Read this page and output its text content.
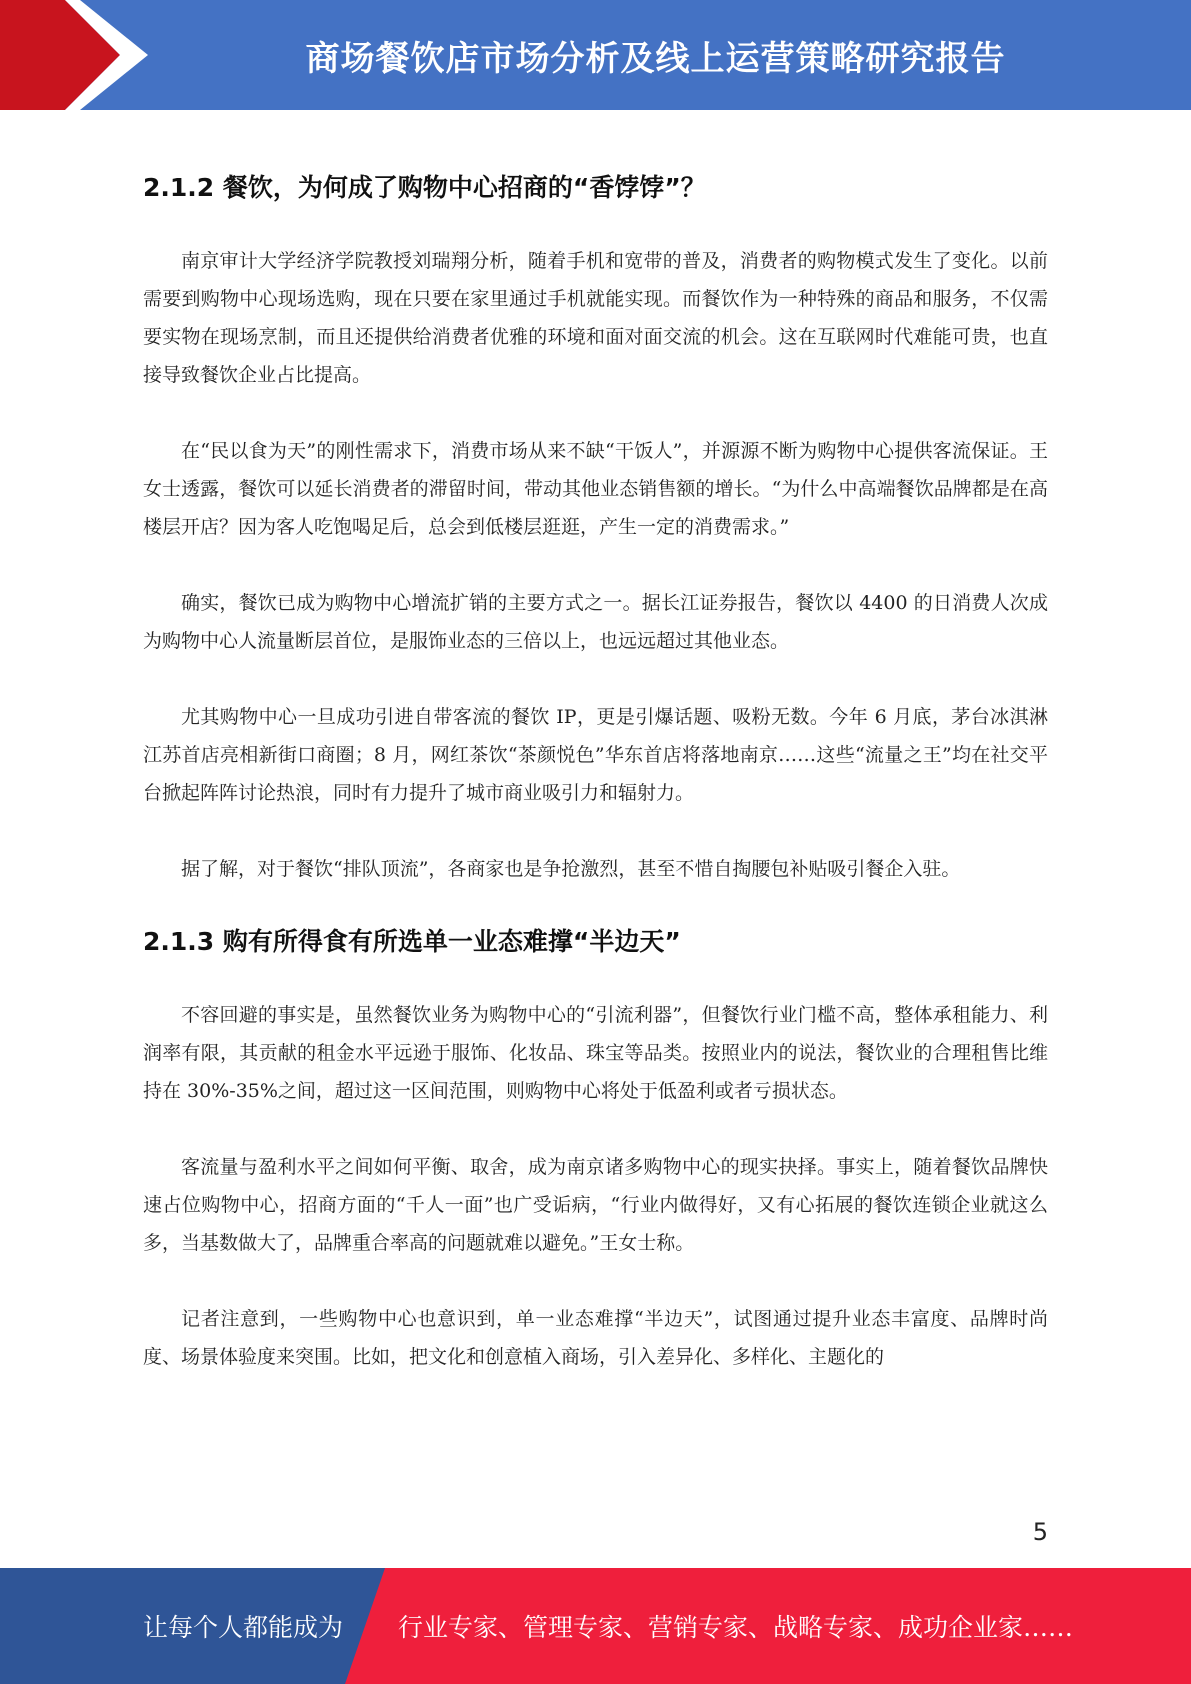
商场餐饮店市场分析及线上运营策略研究报告
2.1.2 餐饮，为何成了购物中心招商的“香饽饽”？

南京审计大学经济学院教授刘瑞翔分析，随着手机和宽带的普及，消费者的购物模式发生了变化。以前需要到购物中心现场选购，现在只要在家里通过手机就能实现。而餐饮作为一种特殊的商品和服务，不仅需要实物在现场烹制，而且还提供给消费者优雅的环境和面对面交流的机会。这在互联网时代难能可贵，也直接导致餐饮企业占比提高。

在“民以食为天”的刚性需求下，消费市场从来不缺“干饭人”，并源源不断为购物中心提供客流保证。王女士透露，餐饮可以延长消费者的滞留时间，带动其他业态销售额的增长。“为什么中高端餐饮品牌都是在高楼层开店？因为客人吃饱喝足后，总会到低楼层逛逛，产生一定的消费需求。”

确实，餐饮已成为购物中心增流扩销的主要方式之一。据长江证券报告，餐饮以 4400 的日消费人次成为购物中心人流量断层首位，是服饰业态的三倍以上，也远远超过其他业态。

尤其购物中心一旦成功引进自带客流的餐饮 IP，更是引爆话题、吸粉无数。今年 6 月底，茅台冰淇淋江苏首店亮相新街口商圈；8 月，网红茶饮“茶颜悦色”华东首店将落地南京……这些“流量之王”均在社交平台掀起阵阵讨论热浪，同时有力提升了城市商业吸引力和辐射力。

据了解，对于餐饮“排队顶流”，各商家也是争抢激烈，甚至不惜自掏腰包补贴吸引餐企入驻。

2.1.3 购有所得食有所选单一业态难撑“半边天”

不容回避的事实是，虽然餐饮业务为购物中心的“引流利器”，但餐饮行业门槛不高，整体承租能力、利润率有限，其贡献的租金水平远逊于服饰、化妆品、珠宝等品类。按照业内的说法，餐饮业的合理租售比维持在 30%-35%之间，超过这一区间范围，则购物中心将处于低盈利或者亏损状态。

客流量与盈利水平之间如何平衡、取舍，成为南京诸多购物中心的现实抉择。事实上，随着餐饮品牌快速占位购物中心，招商方面的“千人一面”也广受诟病，“行业内做得好，又有心拓展的餐饮连锁企业就这么多，当基数做大了，品牌重合率高的问题就难以避免。”王女士称。

记者注意到，一些购物中心也意识到，单一业态难撑“半边天”，试图通过提升业态丰富度、品牌时尚度、场景体验度来突围。比如，把文化和创意植入商场，引入差异化、多样化、主题化的

5
让每个人都能成为 行业专家、管理专家、营销专家、战略专家、成功企业家……
